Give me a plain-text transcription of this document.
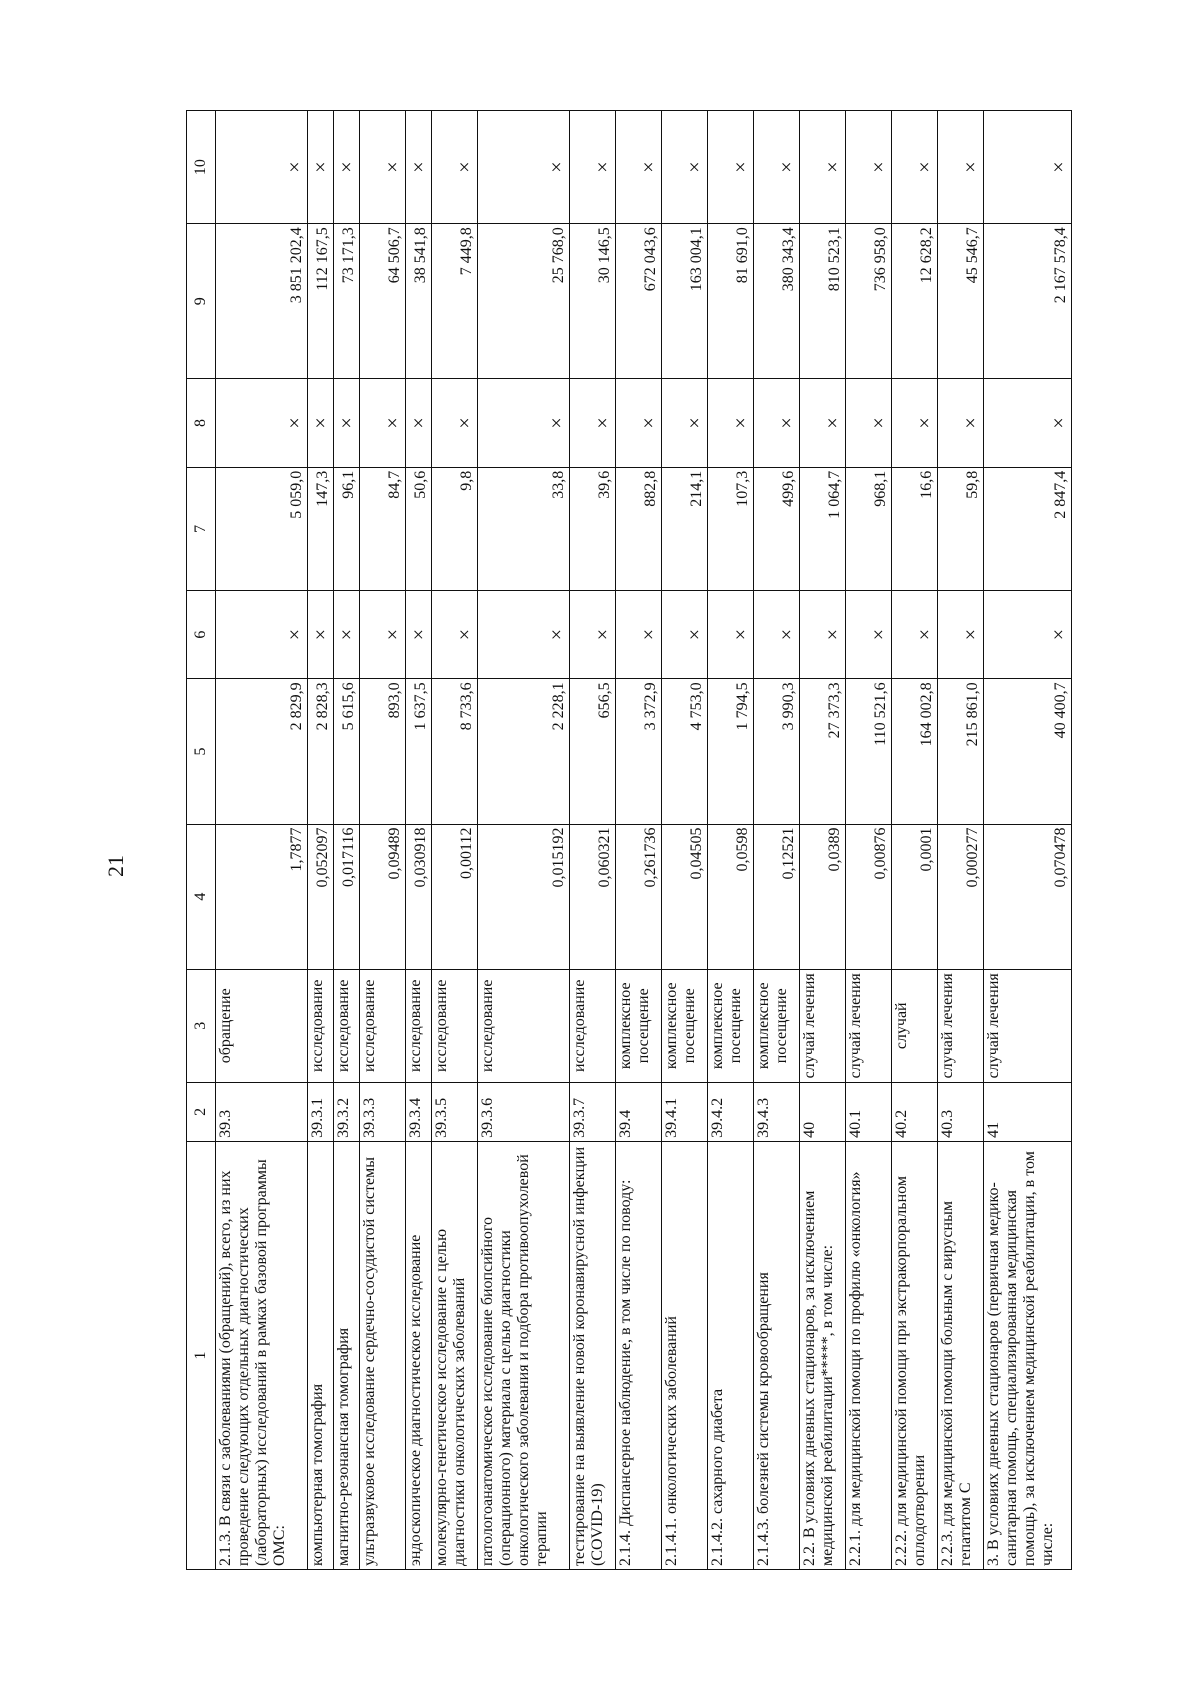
21
1	2	3	4	5	6	7	8	9	10
2.1.3. В связи с заболеваниями (обращений), всего, из них проведение следующих отдельных диагностических (лабораторных) исследований в рамках базовой программы ОМС:	39.3	обращение	1,7877	2 829,9	×	5 059,0	×	3 851 202,4	×
компьютерная томография	39.3.1	исследование	0,052097	2 828,3	×	147,3	×	112 167,5	×
магнитно-резонансная томография	39.3.2	исследование	0,017116	5 615,6	×	96,1	×	73 171,3	×
ультразвуковое исследование сердечно-сосудистой системы	39.3.3	исследование	0,09489	893,0	×	84,7	×	64 506,7	×
эндоскопическое диагностическое исследование	39.3.4	исследование	0,030918	1 637,5	×	50,6	×	38 541,8	×
молекулярно-генетическое исследование с целью диагностики онкологических заболеваний	39.3.5	исследование	0,00112	8 733,6	×	9,8	×	7 449,8	×
патологоанатомическое исследование биопсийного (операционного) материала с целью диагностики онкологического заболевания и подбора противоопухолевой терапии	39.3.6	исследование	0,015192	2 228,1	×	33,8	×	25 768,0	×
тестирование на выявление новой коронавирусной инфекции (COVID-19)	39.3.7	исследование	0,060321	656,5	×	39,6	×	30 146,5	×
2.1.4. Диспансерное наблюдение, в том числе по поводу:	39.4	комплексное посещение	0,261736	3 372,9	×	882,8	×	672 043,6	×
2.1.4.1. онкологических заболеваний	39.4.1	комплексное посещение	0,04505	4 753,0	×	214,1	×	163 004,1	×
2.1.4.2. сахарного диабета	39.4.2	комплексное посещение	0,0598	1 794,5	×	107,3	×	81 691,0	×
2.1.4.3. болезней системы кровообращения	39.4.3	комплексное посещение	0,12521	3 990,3	×	499,6	×	380 343,4	×
2.2. В условиях дневных стационаров, за исключением медицинской реабилитации*****, в том числе:	40	случай лечения	0,0389	27 373,3	×	1 064,7	×	810 523,1	×
2.2.1. для медицинской помощи по профилю «онкология»	40.1	случай лечения	0,00876	110 521,6	×	968,1	×	736 958,0	×
2.2.2. для медицинской помощи при экстракорпоральном оплодотворении	40.2	случай	0,0001	164 002,8	×	16,6	×	12 628,2	×
2.2.3. для медицинской помощи больным с вирусным гепатитом С	40.3	случай лечения	0,000277	215 861,0	×	59,8	×	45 546,7	×
3. В условиях дневных стационаров (первичная медико-санитарная помощь, специализированная медицинская помощь), за исключением медицинской реабилитации, в том числе:	41	случай лечения	0,070478	40 400,7	×	2 847,4	×	2 167 578,4	×
